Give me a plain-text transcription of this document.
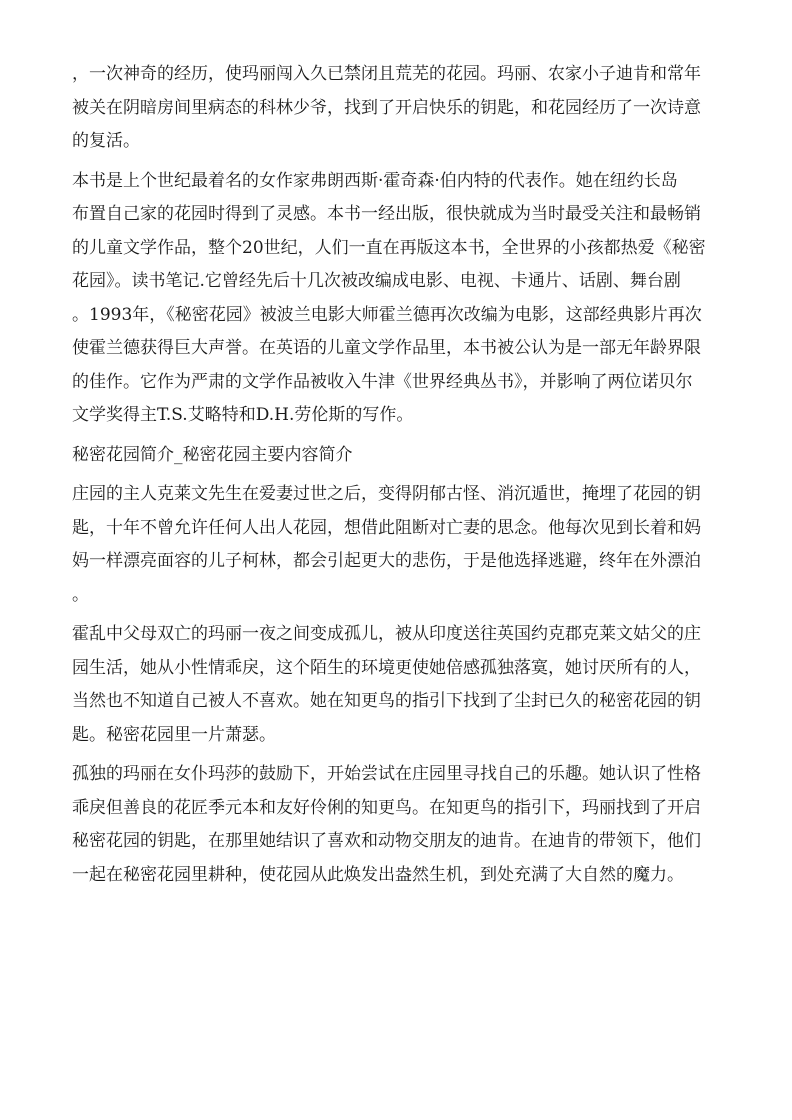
，一次神奇的经历，使玛丽闯入久已禁闭且荒芜的花园。玛丽、农家小子迪肯和常年
被关在阴暗房间里病态的科林少爷，找到了开启快乐的钥匙，和花园经历了一次诗意
的复活。
本书是上个世纪最着名的女作家弗朗西斯·霍奇森·伯内特的代表作。她在纽约长岛
布置自己家的花园时得到了灵感。本书一经出版，很快就成为当时最受关注和最畅销
的儿童文学作品，整个20世纪，人们一直在再版这本书，全世界的小孩都热爱《秘密
花园》。读书笔记.它曾经先后十几次被改编成电影、电视、卡通片、话剧、舞台剧
。1993年，《秘密花园》被波兰电影大师霍兰德再次改编为电影，这部经典影片再次
使霍兰德获得巨大声誉。在英语的儿童文学作品里，本书被公认为是一部无年龄界限
的佳作。它作为严肃的文学作品被收入牛津《世界经典丛书》，并影响了两位诺贝尔
文学奖得主T.S.艾略特和D.H.劳伦斯的写作。
秘密花园简介_秘密花园主要内容简介
庄园的主人克莱文先生在爱妻过世之后，变得阴郁古怪、消沉遁世，掩埋了花园的钥
匙，十年不曾允许任何人出人花园，想借此阻断对亡妻的思念。他每次见到长着和妈
妈一样漂亮面容的儿子柯林，都会引起更大的悲伤，于是他选择逃避，终年在外漂泊
。
霍乱中父母双亡的玛丽一夜之间变成孤儿，被从印度送往英国约克郡克莱文姑父的庄
园生活，她从小性情乖戾，这个陌生的环境更使她倍感孤独落寞，她讨厌所有的人，
当然也不知道自己被人不喜欢。她在知更鸟的指引下找到了尘封已久的秘密花园的钥
匙。秘密花园里一片萧瑟。
孤独的玛丽在女仆玛莎的鼓励下，开始尝试在庄园里寻找自己的乐趣。她认识了性格
乖戾但善良的花匠季元本和友好伶俐的知更鸟。在知更鸟的指引下，玛丽找到了开启
秘密花园的钥匙，在那里她结识了喜欢和动物交朋友的迪肯。在迪肯的带领下，他们
一起在秘密花园里耕种，使花园从此焕发出盎然生机，到处充满了大自然的魔力。
